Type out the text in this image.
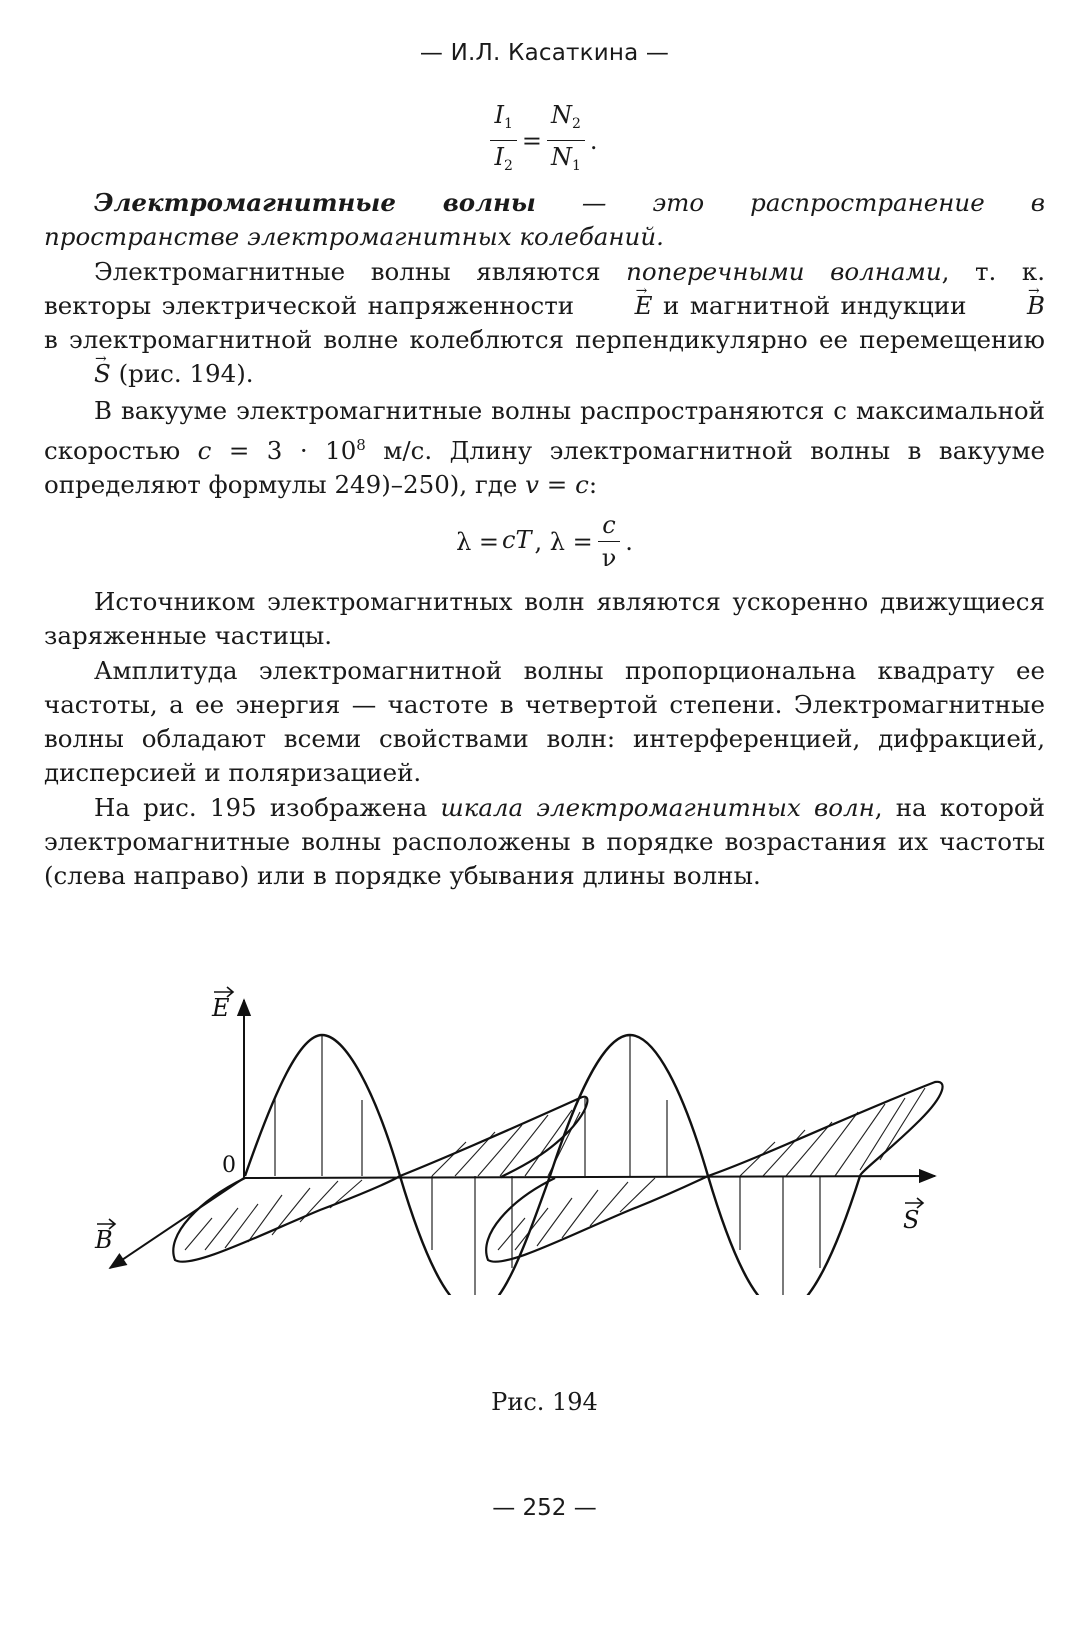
— И.Л. Касаткина —
$\frac{I_1}{I_2} = \frac{N_2}{N_1}$ .

Электромагнитные волны — это распространение в пространстве электромагнитных колебаний.

Электромагнитные волны являются поперечными волнами, т. к. векторы электрической напряженности → E и магнитной индукции → B в электромагнитной волне колеблются перпендикулярно ее перемещению → S (рис. 194).

В вакууме электромагнитные волны распространяются с максимальной скоростью $c = 3 \cdot 10^8$ м/с. Длину электромагнитной волны в вакууме определяют формулы 249)–250), где v = c:

λ =cT , $\lambda = \frac{c}{\nu}$ .

Источником электромагнитных волн являются ускоренно движущиеся заряженные частицы.

Амплитуда электромагнитной волны пропорциональна квадрату ее частоты, а ее энергия — частоте в четвертой степени. Электромагнитные волны обладают всеми свойствами волн: интерференцией, дифракцией, дисперсией и поляризацией.

На рис. 195 изображена шкала электромагнитных волн, на которой электромагнитные волны расположены в порядке возрастания их частоты (слева направо) или в порядке убывания длины волны.

E
0
S
B
Рис. 194
— 252 —
